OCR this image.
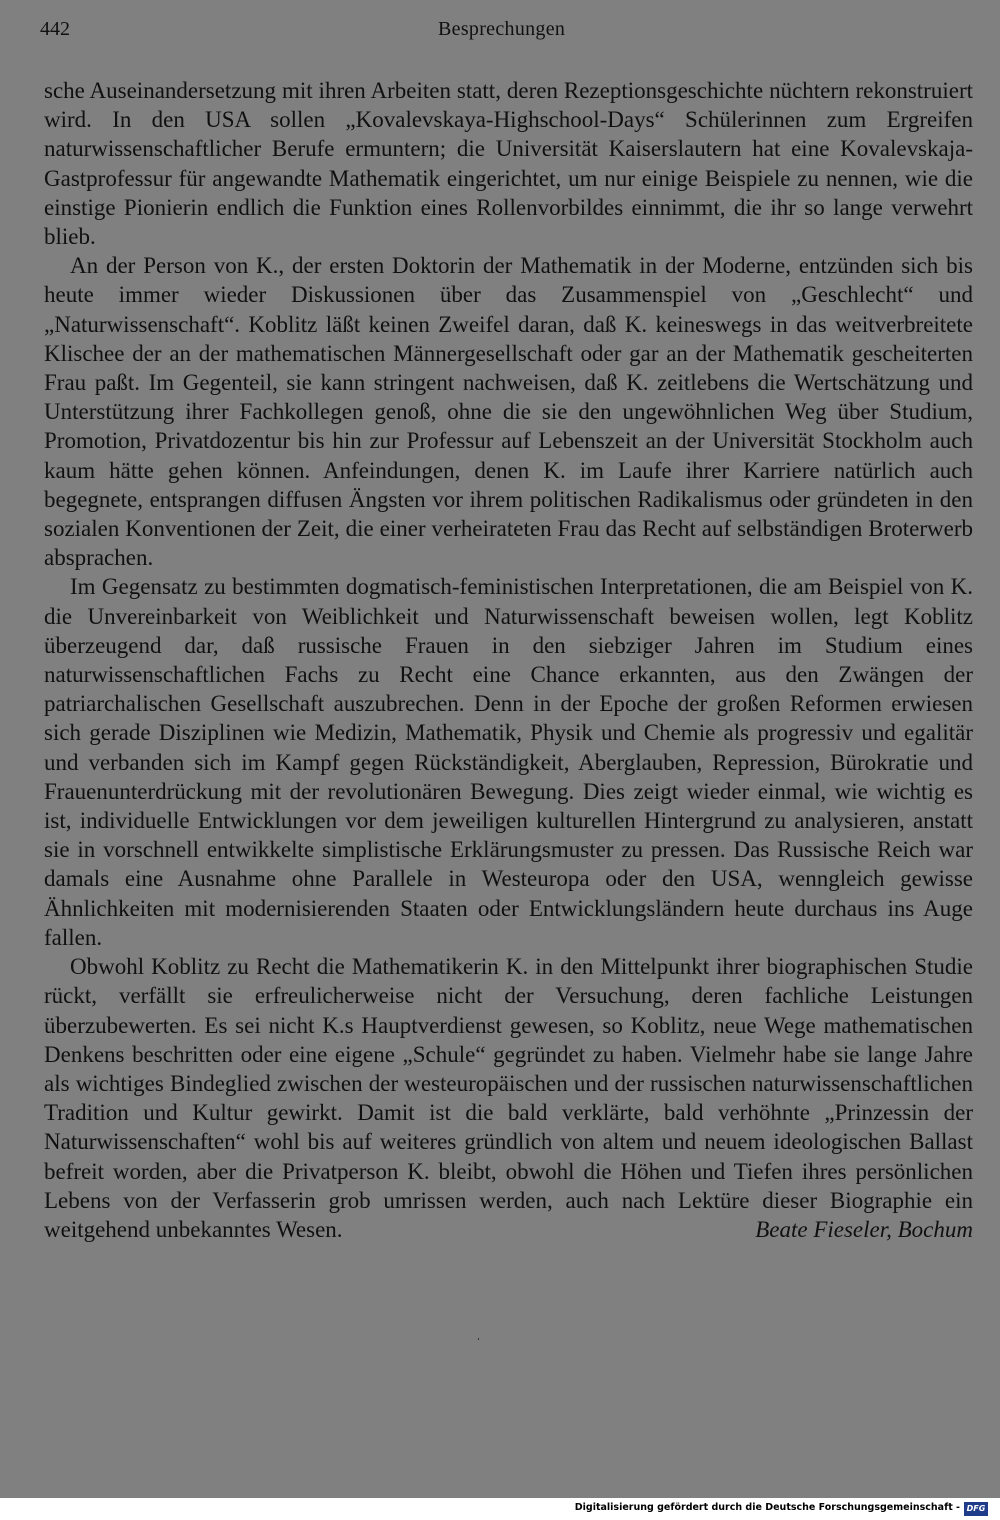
442	Besprechungen

sche Auseinandersetzung mit ihren Arbeiten statt, deren Rezeptionsgeschichte nüchtern rekonstruiert wird. In den USA sollen „Kovalevskaya-Highschool-Days“ Schülerinnen zum Ergreifen naturwissenschaftlicher Berufe ermuntern; die Universität Kaiserslautern hat eine Kovalevskaja-Gastprofessur für angewandte Mathematik eingerichtet, um nur einige Beispiele zu nennen, wie die einstige Pionierin endlich die Funktion eines Rollenvorbildes einnimmt, die ihr so lange verwehrt blieb.

An der Person von K., der ersten Doktorin der Mathematik in der Moderne, entzünden sich bis heute immer wieder Diskussionen über das Zusammenspiel von „Geschlecht“ und „Naturwissenschaft“. Koblitz läßt keinen Zweifel daran, daß K. keineswegs in das weitverbreitete Klischee der an der mathematischen Männergesellschaft oder gar an der Mathematik gescheiterten Frau paßt. Im Gegenteil, sie kann stringent nachweisen, daß K. zeitlebens die Wertschätzung und Unterstützung ihrer Fachkollegen genoß, ohne die sie den ungewöhnlichen Weg über Studium, Promotion, Privatdozentur bis hin zur Professur auf Lebenszeit an der Universität Stockholm auch kaum hätte gehen können. Anfeindungen, denen K. im Laufe ihrer Karriere natürlich auch begegnete, entsprangen diffusen Ängsten vor ihrem politischen Radikalismus oder gründeten in den sozialen Konventionen der Zeit, die einer verheirateten Frau das Recht auf selbständigen Broterwerb absprachen.

Im Gegensatz zu bestimmten dogmatisch-feministischen Interpretationen, die am Beispiel von K. die Unvereinbarkeit von Weiblichkeit und Naturwissenschaft beweisen wollen, legt Koblitz überzeugend dar, daß russische Frauen in den siebziger Jahren im Studium eines naturwissenschaftlichen Fachs zu Recht eine Chance erkannten, aus den Zwängen der patriarchalischen Gesellschaft auszubrechen. Denn in der Epoche der großen Reformen erwiesen sich gerade Disziplinen wie Medizin, Mathematik, Physik und Chemie als progressiv und egalitär und verbanden sich im Kampf gegen Rückständigkeit, Aberglauben, Repression, Bürokratie und Frauenunterdrückung mit der revolutionären Bewegung. Dies zeigt wieder einmal, wie wichtig es ist, individuelle Entwicklungen vor dem jeweiligen kulturellen Hintergrund zu analysieren, anstatt sie in vorschnell entwikkelte simplistische Erklärungsmuster zu pressen. Das Russische Reich war damals eine Ausnahme ohne Parallele in Westeuropa oder den USA, wenngleich gewisse Ähnlichkeiten mit modernisierenden Staaten oder Entwicklungsländern heute durchaus ins Auge fallen.

Obwohl Koblitz zu Recht die Mathematikerin K. in den Mittelpunkt ihrer biographischen Studie rückt, verfällt sie erfreulicherweise nicht der Versuchung, deren fachliche Leistungen überzubewerten. Es sei nicht K.s Hauptverdienst gewesen, so Koblitz, neue Wege mathematischen Denkens beschritten oder eine eigene „Schule“ gegründet zu haben. Vielmehr habe sie lange Jahre als wichtiges Bindeglied zwischen der westeuropäischen und der russischen naturwissenschaftlichen Tradition und Kultur gewirkt. Damit ist die bald verklärte, bald verhöhnte „Prinzessin der Naturwissenschaften“ wohl bis auf weiteres gründlich von altem und neuem ideologischen Ballast befreit worden, aber die Privatperson K. bleibt, obwohl die Höhen und Tiefen ihres persönlichen Lebens von der Verfasserin grob umrissen werden, auch nach Lektüre dieser Biographie ein weitgehend unbekanntes Wesen.	Beate Fieseler, Bochum
Digitalisierung gefördert durch die Deutsche Forschungsgemeinschaft - DFG
